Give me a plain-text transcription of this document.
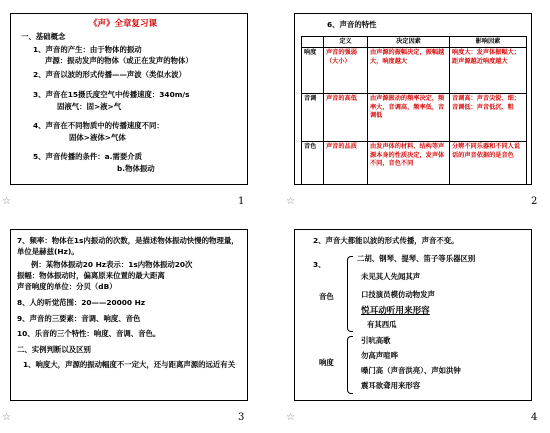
《声》全章复习课
一、基础概念
1、声音的产生：由于物体的振动
声源：振动发声的物体（或正在发声的物体）
2、声音以波的形式传播——声波（类似水波）
3、声音在15摄氏度空气中传播速度：340m/s
固液气：固>液>气
4、声音在不同物质中的传播速度不同：
固体>液体>气体
5、声音传播的条件：a.需要介质
b.物体振动
☆	1
6、声音的特性
	定义	决定因素	影响因素
响度	声音的强弱（大小）	由声源的振幅决定，振幅越大，响度越大	响度大：发声体振幅大；距声源越近响度越大
音调	声音的高低	由声源振动的频率决定，频率大，音调高，频率低，音调低	音调高：声音尖锐、细；音调低：声音低沉、粗
音色	声音的品质	由发声体的材料、结构等声源本身的性质决定，发声体不同，音色不同	分辨不同乐器和不同人说话的声音依据的是音色
☆	2
7、频率：物体在1s内振动的次数，是描述物体振动快慢的物理量，单位是赫兹(Hz)。
例：某物体振动20 Hz表示：1s内物体振动20次
振幅：物体振动时，偏离原来位置的最大距离
声音响度的单位：分贝（dB）
8、人的听觉范围：20——20000 Hz
9、声音的三要素：音调、响度、音色
10、乐音的三个特性：响度、音调、音色。
二、实例判断以及区别
1、响度大，声源的振动幅度不一定大，还与距离声源的远近有关
☆	3
2、声音大都能以波的形式传播，声音不变。
3、
音色
二胡、钢琴、提琴、笛子等乐器区别
未见其人先闻其声
口技演员模仿动物发声
悦耳动听用来形容
有其西瓜
响度
引吭高歌
勿高声喧哗
嗓门高（声音洪亮）、声如洪钟
震耳欲聋用来形容
☆	4
